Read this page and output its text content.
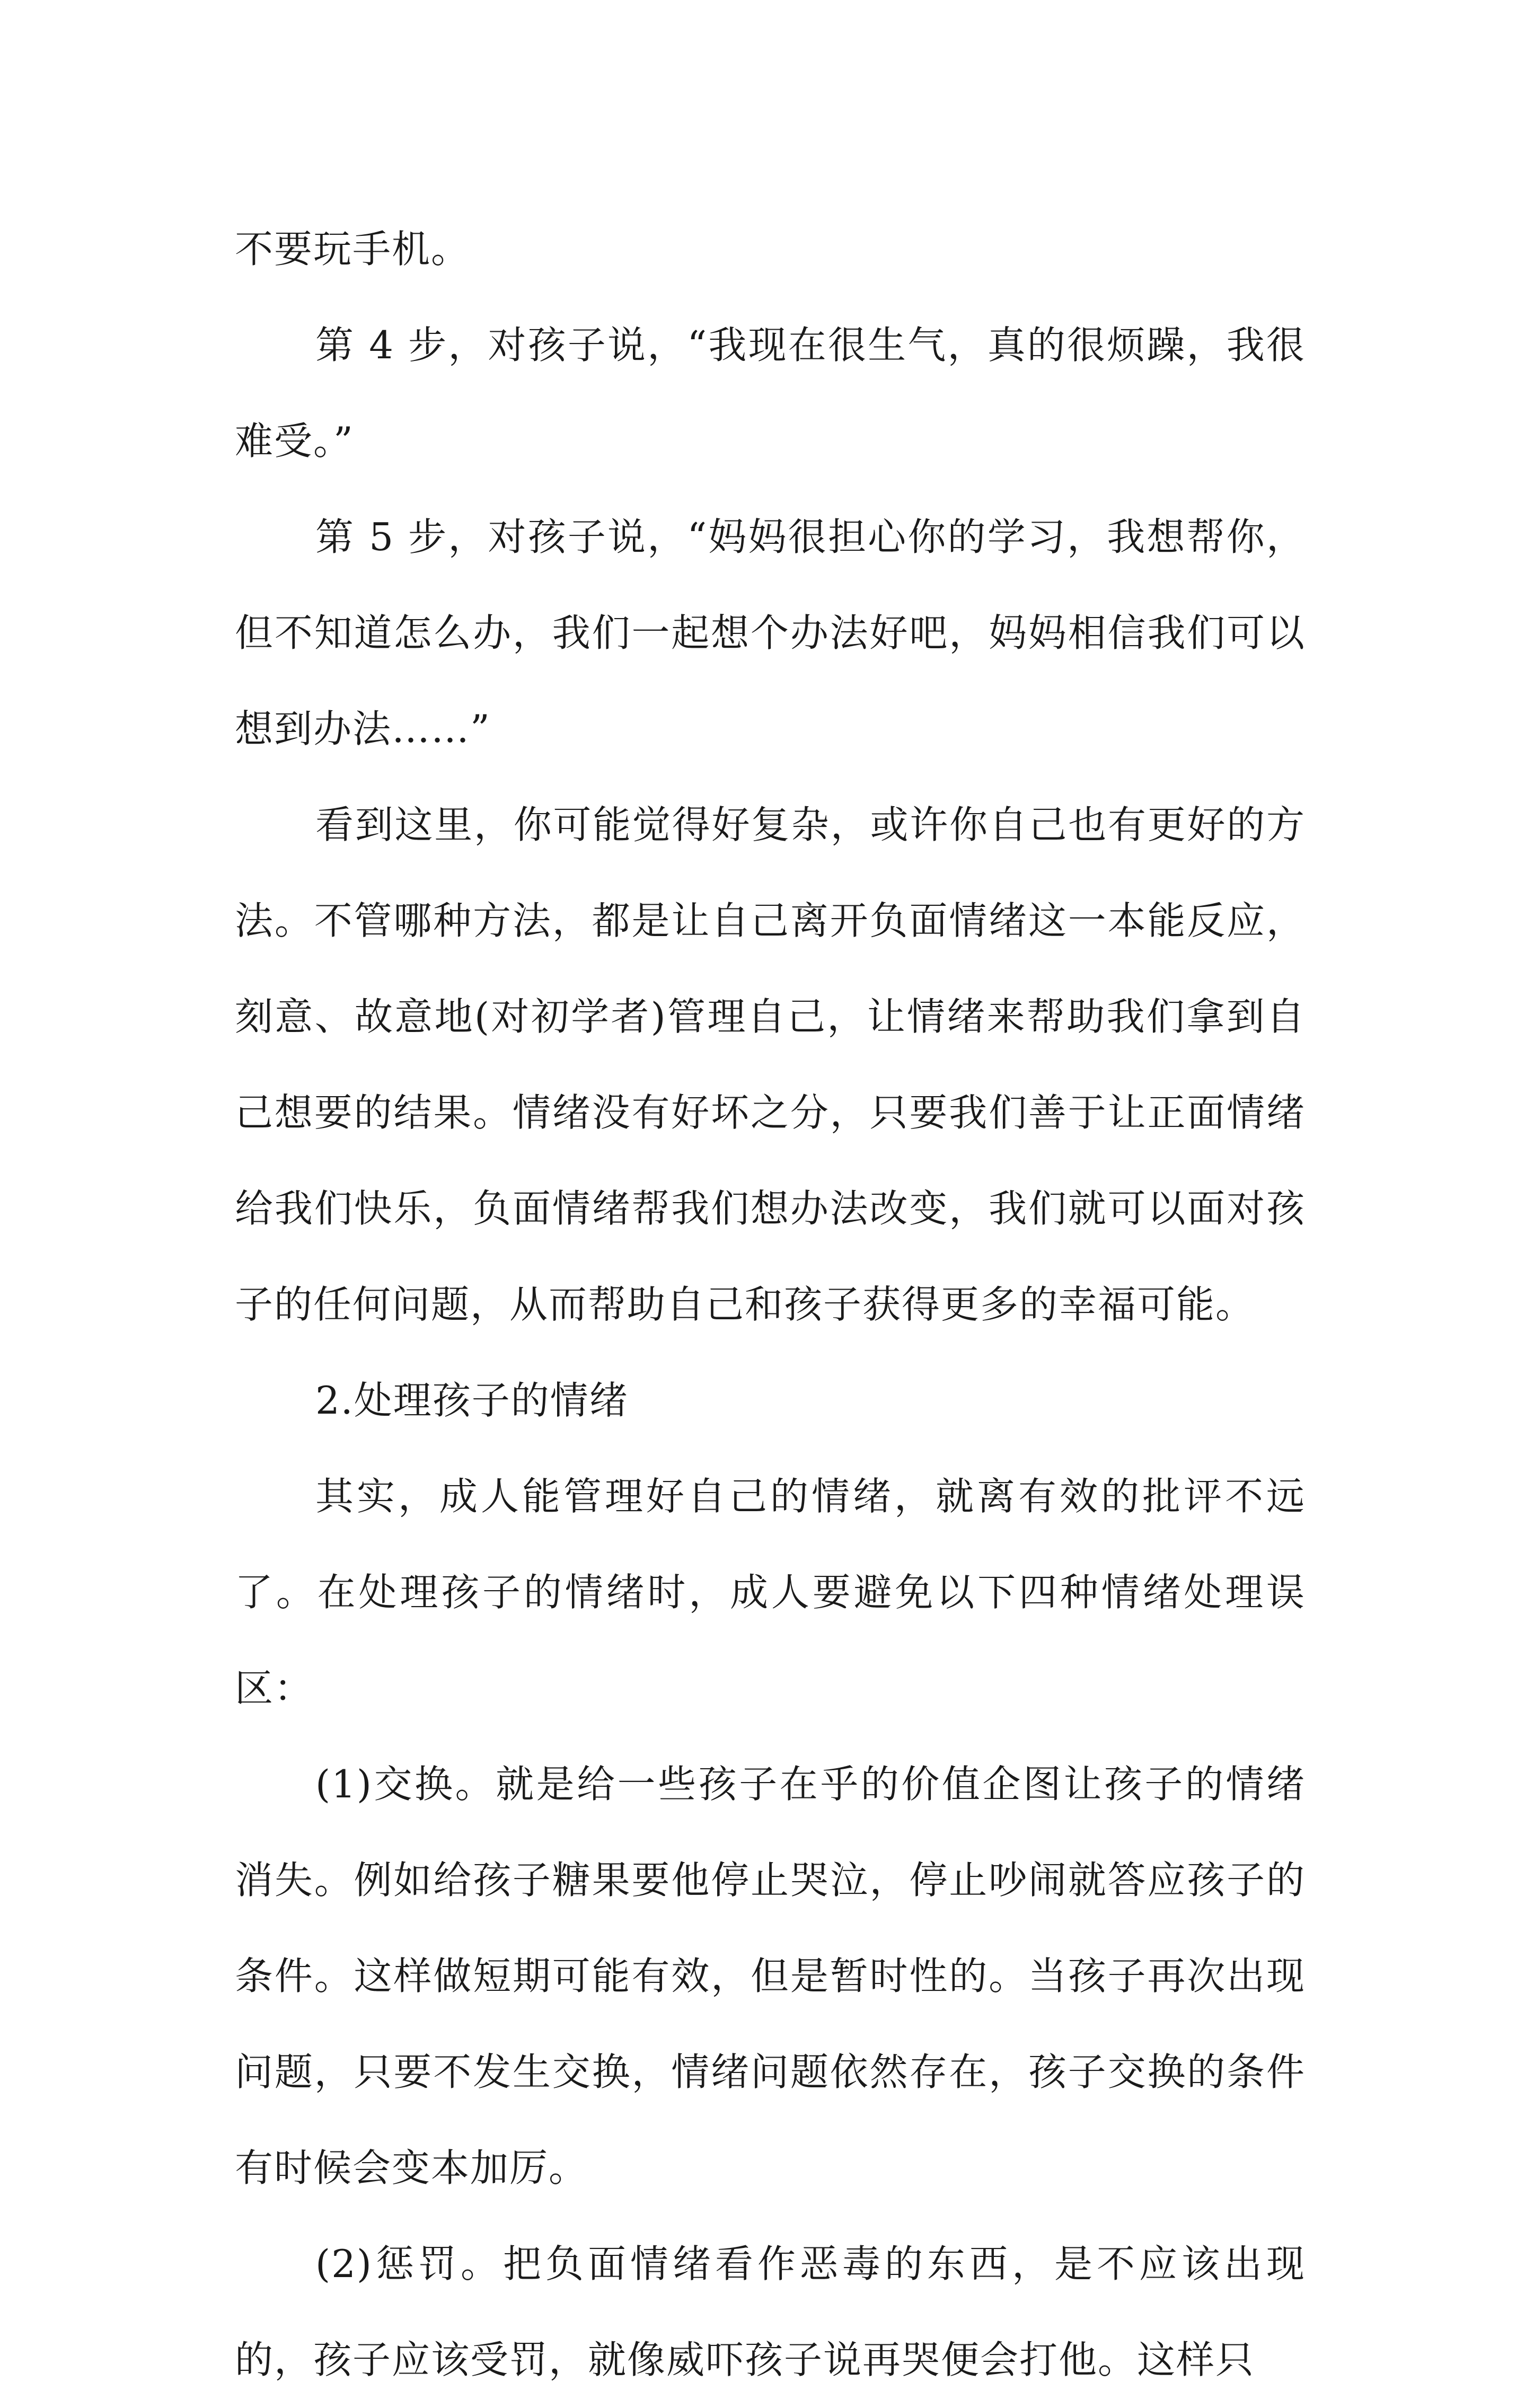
不要玩手机。

第 4 步，对孩子说，“我现在很生气，真的很烦躁，我很难受。”

第 5 步，对孩子说，“妈妈很担心你的学习，我想帮你，但不知道怎么办，我们一起想个办法好吧，妈妈相信我们可以想到办法……”

看到这里，你可能觉得好复杂，或许你自己也有更好的方法。不管哪种方法，都是让自己离开负面情绪这一本能反应，刻意、故意地(对初学者)管理自己，让情绪来帮助我们拿到自己想要的结果。情绪没有好坏之分，只要我们善于让正面情绪给我们快乐，负面情绪帮我们想办法改变，我们就可以面对孩子的任何问题，从而帮助自己和孩子获得更多的幸福可能。

2.处理孩子的情绪

其实，成人能管理好自己的情绪，就离有效的批评不远了。在处理孩子的情绪时，成人要避免以下四种情绪处理误区：

(1)交换。就是给一些孩子在乎的价值企图让孩子的情绪消失。例如给孩子糖果要他停止哭泣，停止吵闹就答应孩子的条件。这样做短期可能有效，但是暂时性的。当孩子再次出现问题，只要不发生交换，情绪问题依然存在，孩子交换的条件有时候会变本加厉。

(2)惩罚。把负面情绪看作恶毒的东西，是不应该出现的，孩子应该受罚，就像威吓孩子说再哭便会打他。这样只
